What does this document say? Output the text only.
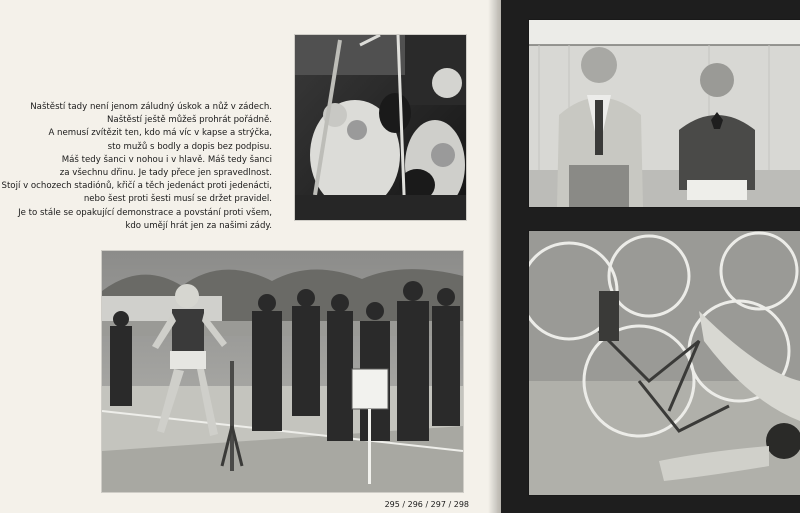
Naštěstí tady není jenom záludný úskok a nůž v zádech.
Naštěstí ještě můžeš prohrát pořádně.
A nemusí zvítězit ten, kdo má víc v kapse a strýčka,
sto mužů s bodly a dopis bez podpisu.
Máš tedy šanci v nohou i v hlavě. Máš tedy šanci
za všechnu dřinu. Je tady přece jen spravedlnost.
Stojí v ochozech stadiónů, křičí a těch jedenáct proti jedenácti,
nebo šest proti šesti musí se držet pravidel.
Je to stále se opakující demonstrace a povstání proti všem,
kdo umějí hrát jen za našimi zády.
295 / 296 / 297 / 298
